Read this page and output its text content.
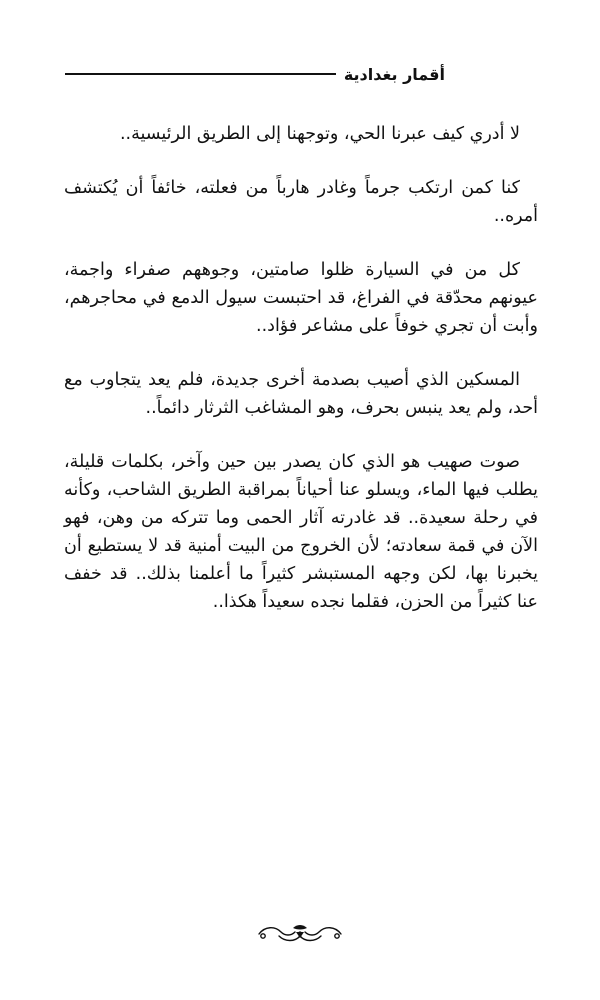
أقمار بغدادية

لا أدري كيف عبرنا الحي، وتوجهنا إلى الطريق الرئيسية..

كنا كمن ارتكب جرماً وغادر هارباً من فعلته، خائفاً أن يُكتشف أمره..

كل من في السيارة ظلوا صامتين، وجوههم صفراء واجمة، عيونهم محدّقة في الفراغ، قد احتبست سيول الدمع في محاجرهم، وأبت أن تجري خوفاً على مشاعر فؤاد..

المسكين الذي أصيب بصدمة أخرى جديدة، فلم يعد يتجاوب مع أحد، ولم يعد ينبس بحرف، وهو المشاغب الثرثار دائماً..

صوت صهيب هو الذي كان يصدر بين حين وآخر، بكلمات قليلة، يطلب فيها الماء، ويسلو عنا أحياناً بمراقبة الطريق الشاحب، وكأنه في رحلة سعيدة.. قد غادرته آثار الحمى وما تتركه من وهن، فهو الآن في قمة سعادته؛ لأن الخروج من البيت أمنية قد لا يستطيع أن يخبرنا بها، لكن وجهه المستبشر كثيراً ما أعلمنا بذلك.. قد خفف عنا كثيراً من الحزن، فقلما نجده سعيداً هكذا..
